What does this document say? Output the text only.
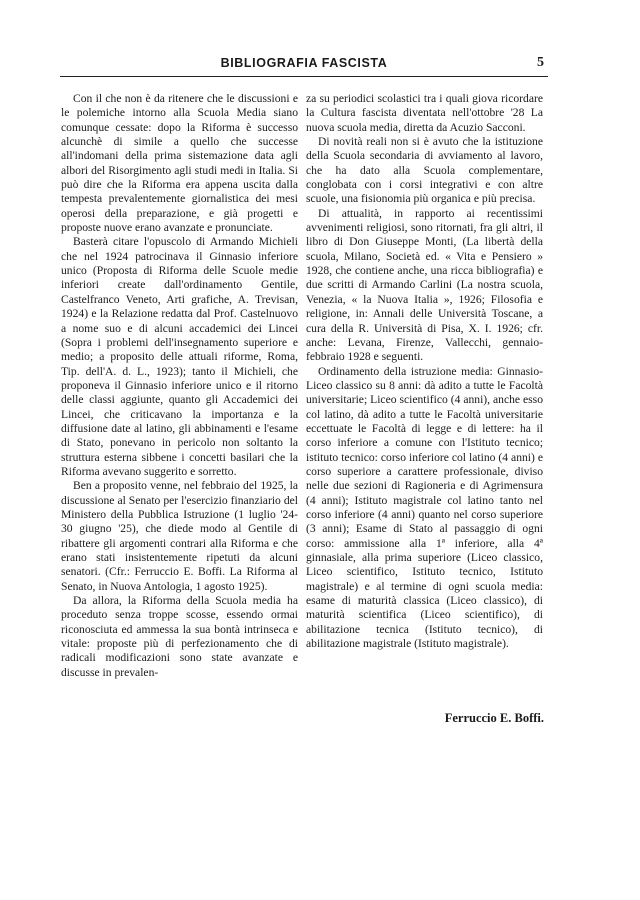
BIBLIOGRAFIA FASCISTA	5

Con il che non è da ritenere che le discussioni e le polemiche intorno alla Scuola Media siano comunque cessate: dopo la Riforma è successo alcunchè di simile a quello che successe all'indomani della prima sistemazione data agli albori del Risorgimento agli studi medi in Italia. Si può dire che la Riforma era appena uscita dalla tempesta prevalentemente giornalistica dei mesi operosi della preparazione, e già progetti e proposte nuove erano avanzate e pronunciate.

Basterà citare l'opuscolo di Armando Michieli che nel 1924 patrocinava il Ginnasio inferiore unico (Proposta di Riforma delle Scuole medie inferiori create dall'ordinamento Gentile, Castelfranco Veneto, Arti grafiche, A. Trevisan, 1924) e la Relazione redatta dal Prof. Castelnuovo a nome suo e di alcuni accademici dei Lincei (Sopra i problemi dell'insegnamento superiore e medio; a proposito delle attuali riforme, Roma, Tip. dell'A. d. L., 1923); tanto il Michieli, che proponeva il Ginnasio inferiore unico e il ritorno delle classi aggiunte, quanto gli Accademici dei Lincei, che criticavano la importanza e la diffusione date al latino, gli abbinamenti e l'esame di Stato, ponevano in pericolo non soltanto la struttura esterna sibbene i concetti basilari che la Riforma avevano suggerito e sorretto.

Ben a proposito venne, nel febbraio del 1925, la discussione al Senato per l'esercizio finanziario del Ministero della Pubblica Istruzione (1 luglio '24-30 giugno '25), che diede modo al Gentile di ribattere gli argomenti contrari alla Riforma e che erano stati insistentemente ripetuti da alcuni senatori. (Cfr.: Ferruccio E. Boffi. La Riforma al Senato, in Nuova Antologia, 1 agosto 1925).

Da allora, la Riforma della Scuola media ha proceduto senza troppe scosse, essendo ormai riconosciuta ed ammessa la sua bontà intrinseca e vitale: proposte più di perfezionamento che di radicali modificazioni sono state avanzate e discusse in prevalen-

za su periodici scolastici tra i quali giova ricordare la Cultura fascista diventata nell'ottobre '28 La nuova scuola media, diretta da Acuzio Sacconi.

Di novità reali non si è avuto che la istituzione della Scuola secondaria di avviamento al lavoro, che ha dato alla Scuola complementare, conglobata con i corsi integrativi e con altre scuole, una fisionomia più organica e più precisa.

Di attualità, in rapporto ai recentissimi avvenimenti religiosi, sono ritornati, fra gli altri, il libro di Don Giuseppe Monti, (La libertà della scuola, Milano, Società ed. « Vita e Pensiero » 1928, che contiene anche, una ricca bibliografia) e due scritti di Armando Carlini (La nostra scuola, Venezia, « la Nuova Italia », 1926; Filosofia e religione, in: Annali delle Università Toscane, a cura della R. Università di Pisa, X. I. 1926; cfr. anche: Levana, Firenze, Vallecchi, gennaio-febbraio 1928 e seguenti.

Ordinamento della istruzione media: Ginnasio-Liceo classico su 8 anni: dà adito a tutte le Facoltà universitarie; Liceo scientifico (4 anni), anche esso col latino, dà adito a tutte le Facoltà universitarie eccettuate le Facoltà di legge e di lettere: ha il corso inferiore a comune con l'Istituto tecnico; istituto tecnico: corso inferiore col latino (4 anni) e corso superiore a carattere professionale, diviso nelle due sezioni di Ragioneria e di Agrimensura (4 anni); Istituto magistrale col latino tanto nel corso inferiore (4 anni) quanto nel corso superiore (3 anni); Esame di Stato al passaggio di ogni corso: ammissione alla 1ª inferiore, alla 4ª ginnasiale, alla prima superiore (Liceo classico, Liceo scientifico, Istituto tecnico, Istituto magistrale) e al termine di ogni scuola media: esame di maturità classica (Liceo classico), di maturità scientifica (Liceo scientifico), di abilitazione tecnica (Istituto tecnico), di abilitazione magistrale (Istituto magistrale).

Ferruccio E. Boffi.
